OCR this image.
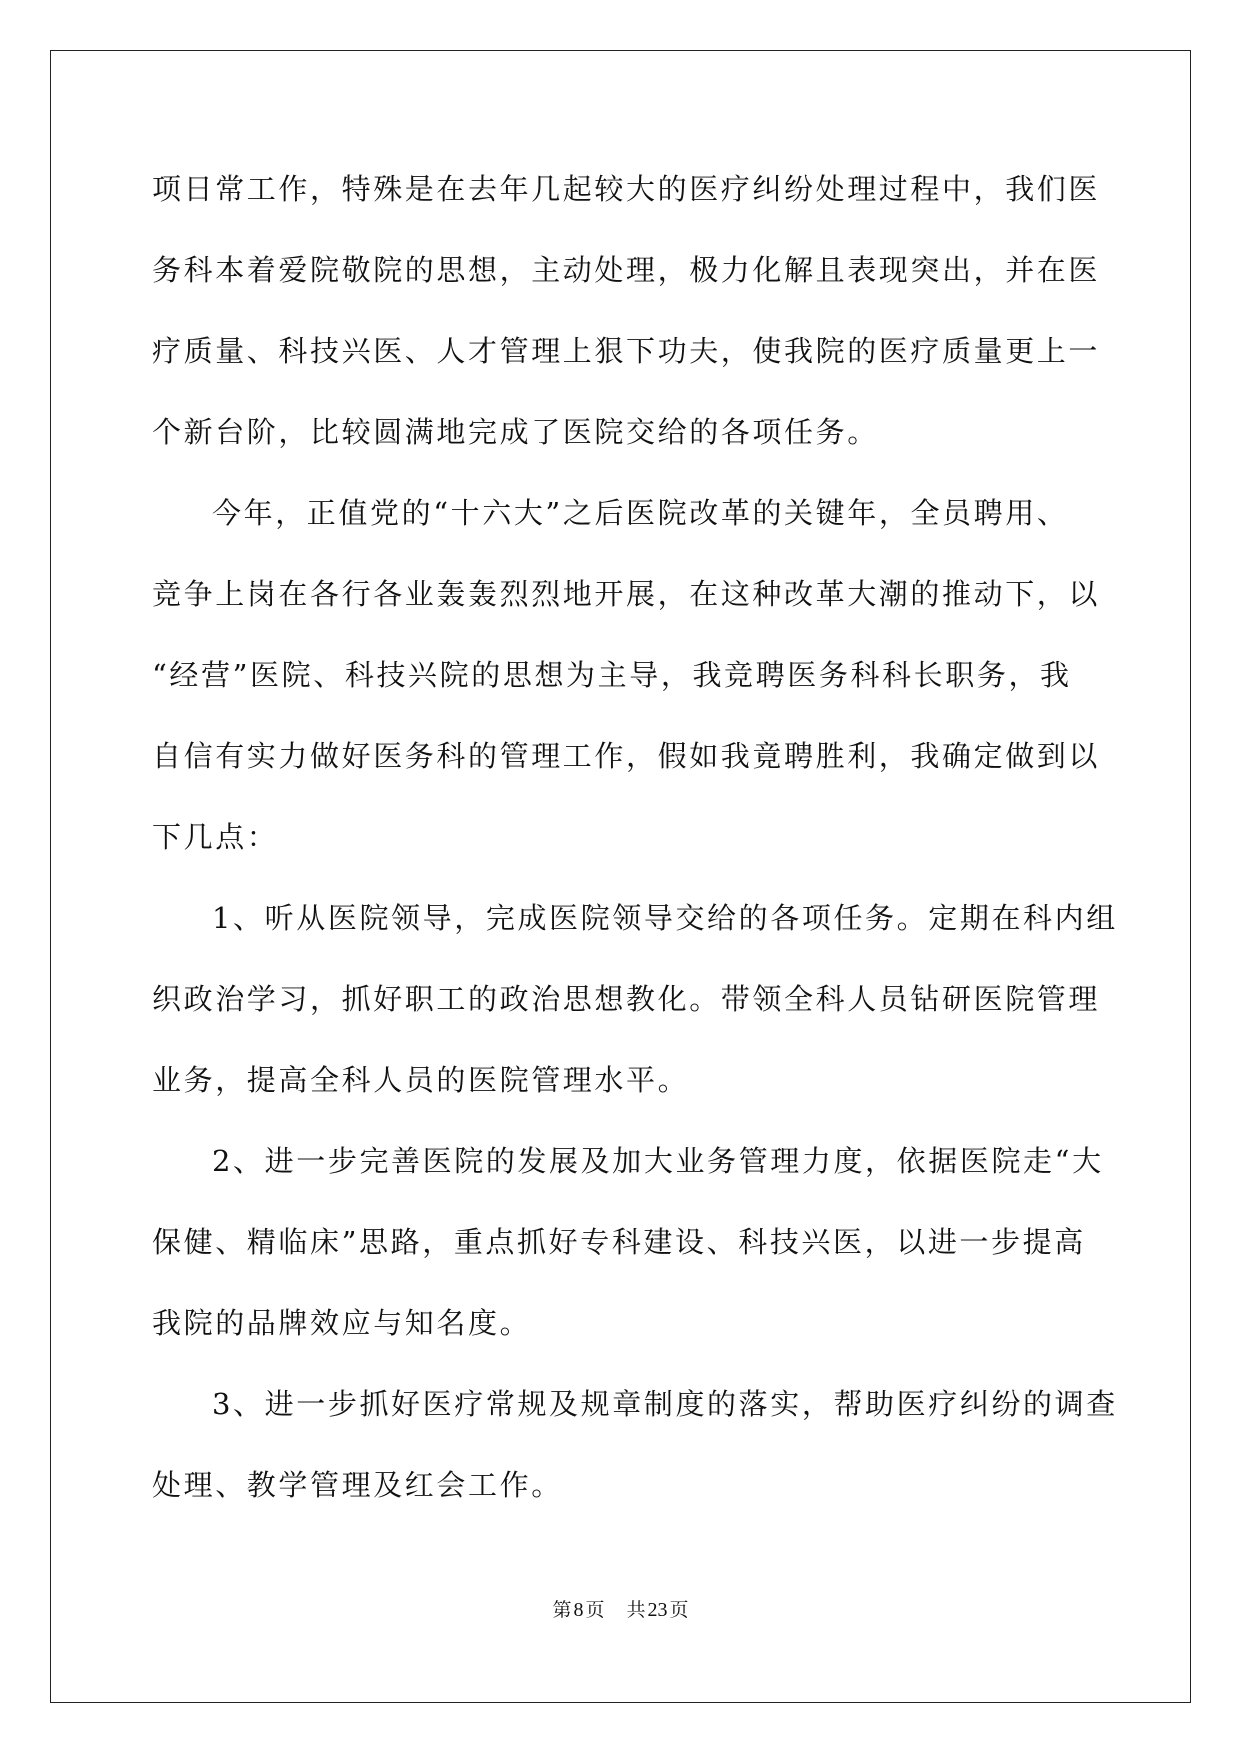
项日常工作，特殊是在去年几起较大的医疗纠纷处理过程中，我们医
务科本着爱院敬院的思想，主动处理，极力化解且表现突出，并在医
疗质量、科技兴医、人才管理上狠下功夫，使我院的医疗质量更上一
个新台阶，比较圆满地完成了医院交给的各项任务。
今年，正值党的“十六大”之后医院改革的关键年，全员聘用、
竞争上岗在各行各业轰轰烈烈地开展，在这种改革大潮的推动下，以
“经营”医院、科技兴院的思想为主导，我竞聘医务科科长职务，我
自信有实力做好医务科的管理工作，假如我竟聘胜利，我确定做到以
下几点：
1、听从医院领导，完成医院领导交给的各项任务。定期在科内组
织政治学习，抓好职工的政治思想教化。带领全科人员钻研医院管理
业务，提高全科人员的医院管理水平。
2、进一步完善医院的发展及加大业务管理力度，依据医院走“大
保健、精临床”思路，重点抓好专科建设、科技兴医，以进一步提高
我院的品牌效应与知名度。
3、进一步抓好医疗常规及规章制度的落实，帮助医疗纠纷的调查
处理、教学管理及红会工作。
第 8 页 共 23 页
